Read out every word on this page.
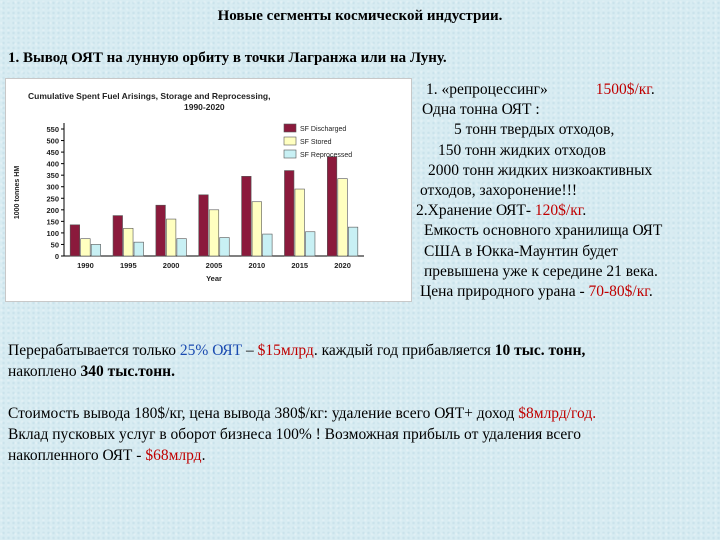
Новые сегменты космической индустрии.
1. Вывод ОЯТ на лунную орбиту в точки Лагранжа или на Луну.
Cumulative Spent Fuel Arisings, Storage and Reprocessing,
1990-2020
0
50
100
150
200
250
300
350
400
450
500
550
1000 tonnes HM
1990	1995	2000	2005	2010	2015	2020
Year
SF Discharged
SF Stored
SF Reprocessed
1. «репроцессинг»	1500$/кг.
Одна тонна ОЯТ :
5 тонн твердых отходов,
150 тонн жидких отходов
2000 тонн жидких низкоактивных
отходов, захоронение!!!
2.Хранение ОЯТ- 120$/кг.
Емкость основного хранилища ОЯТ
США в Юкка-Маунтин будет
превышена уже к середине 21 века.
Цена природного урана - 70-80$/кг.
Перерабатывается только 25% ОЯТ – $15млрд. каждый год прибавляется 10 тыс. тонн,
накоплено 340 тыс.тонн.
Стоимость вывода 180$/кг, цена вывода 380$/кг: удаление всего ОЯТ+ доход $8млрд/год.
Вклад пусковых услуг в оборот бизнеса 100% ! Возможная прибыль от удаления всего
накопленного ОЯТ - $68млрд.
